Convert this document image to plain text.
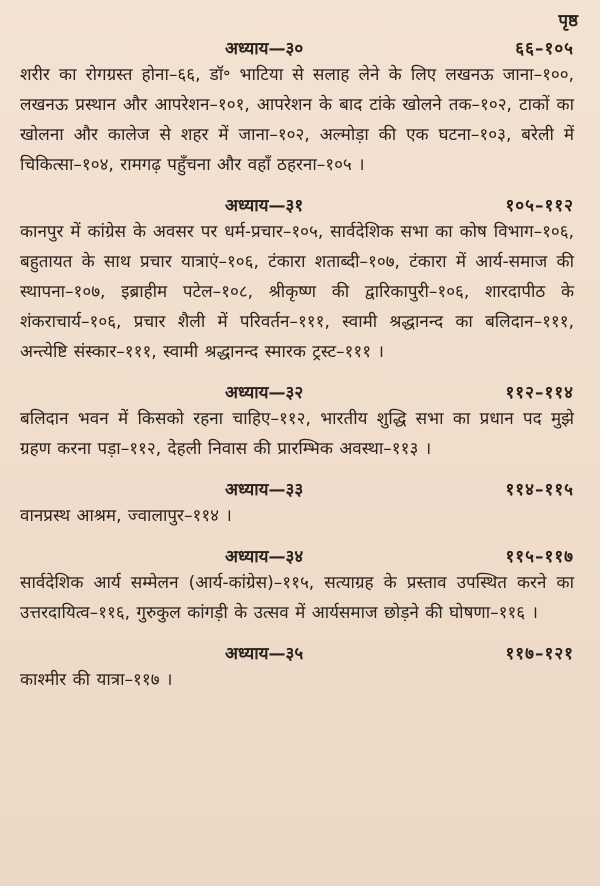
पृष्ठ
अध्याय—३०	६६–१०५
शरीर का रोगग्रस्त होना–६६, डॉ॰ भाटिया से सलाह लेने के लिए लखनऊ जाना–१००, लखनऊ प्रस्थान और आपरेशन–१०१, आपरेशन के बाद टांके खोलने तक–१०२, टाकों का खोलना और कालेज से शहर में जाना–१०२, अल्मोड़ा की एक घटना–१०३, बरेली में चिकित्सा–१०४, रामगढ़ पहुँचना और वहाँ ठहरना–१०५ ।
अध्याय—३१	१०५–११२
कानपुर में कांग्रेस के अवसर पर धर्म-प्रचार–१०५, सार्वदेशिक सभा का कोष विभाग–१०६, बहुतायत के साथ प्रचार यात्राएं–१०६, टंकारा शताब्दी–१०७, टंकारा में आर्य-समाज की स्थापना–१०७, इब्राहीम पटेल–१०८, श्रीकृष्ण की द्वारिकापुरी–१०६, शारदापीठ के शंकराचार्य–१०६, प्रचार शैली में परिवर्तन–१११, स्वामी श्रद्धानन्द का बलिदान–१११, अन्त्येष्टि संस्कार–१११, स्वामी श्रद्धानन्द स्मारक ट्रस्ट–१११ ।
अध्याय—३२	११२–११४
बलिदान भवन में किसको रहना चाहिए–११२, भारतीय शुद्धि सभा का प्रधान पद मुझे ग्रहण करना पड़ा–११२, देहली निवास की प्रारम्भिक अवस्था–११३ ।
अध्याय—३३	११४–११५
वानप्रस्थ आश्रम, ज्वालापुर–११४ ।
अध्याय—३४	११५–११७
सार्वदेशिक आर्य सम्मेलन (आर्य-कांग्रेस)–११५, सत्याग्रह के प्रस्ताव उपस्थित करने का उत्तरदायित्व–११६, गुरुकुल कांगड़ी के उत्सव में आर्यसमाज छोड़ने की घोषणा–११६ ।
अध्याय—३५	११७–१२१
काश्मीर की यात्रा–११७ ।
